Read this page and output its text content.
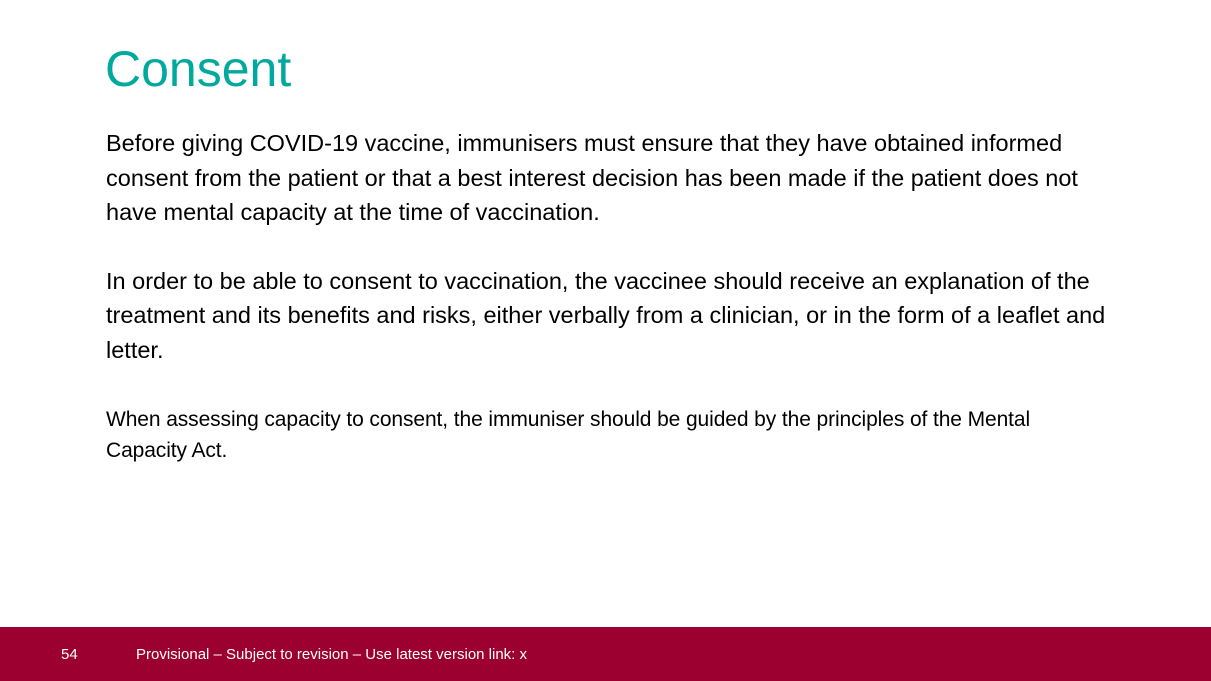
Consent

Before giving COVID-19 vaccine, immunisers must ensure that they have obtained informed consent from the patient or that a best interest decision has been made if the patient does not have mental capacity at the time of vaccination.

In order to be able to consent to vaccination, the vaccinee should receive an explanation of the treatment and its benefits and risks, either verbally from a clinician, or in the form of a leaflet and letter.

When assessing capacity to consent, the immuniser should be guided by the principles of the Mental Capacity Act.

54	Provisional – Subject to revision – Use latest version link: x
